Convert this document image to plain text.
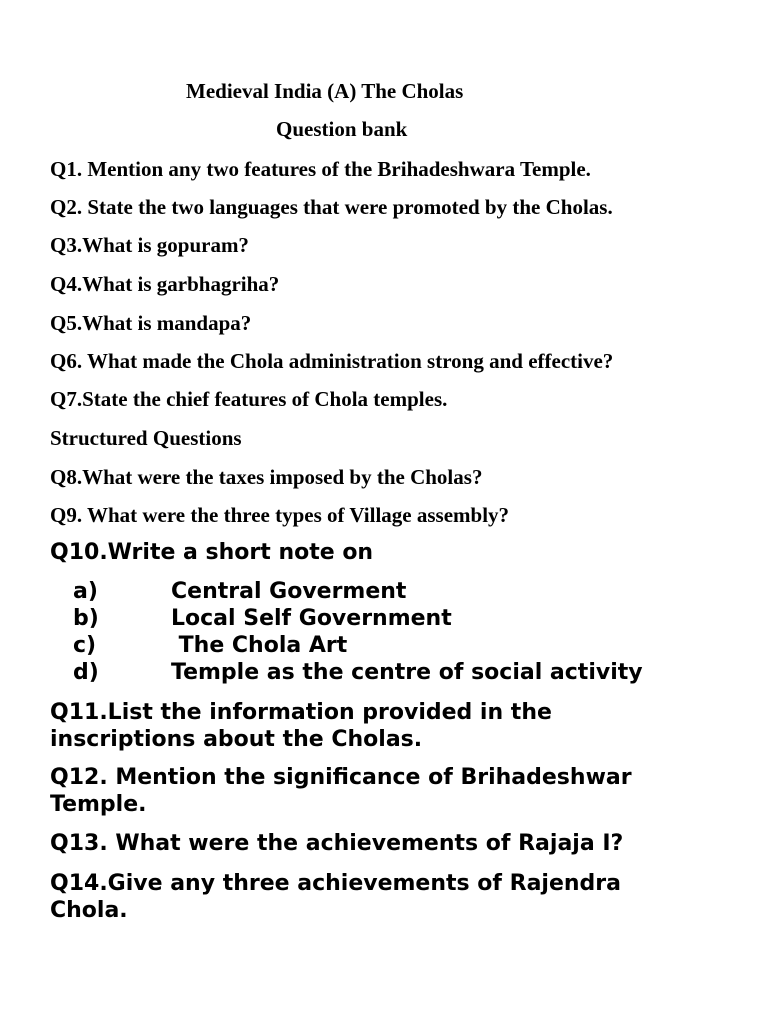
Medieval India (A) The Cholas
Question bank
Q1. Mention any two features of the Brihadeshwara Temple.
Q2. State the two languages that were promoted by the Cholas.
Q3.What is gopuram?
Q4.What is garbhagriha?
Q5.What is mandapa?
Q6. What made the Chola administration strong and effective?
Q7.State the chief features of Chola temples.
Structured Questions
Q8.What were the taxes imposed by the Cholas?
Q9. What were the three types of Village assembly?
Q10.Write a short note on
a)	Central Goverment
b)	Local Self Government
c)	The Chola Art
d)	Temple as the centre of social activity
Q11.List the information provided in the inscriptions about the Cholas.
Q12. Mention the significance of Brihadeshwar Temple.
Q13. What were the achievements of Rajaja I?
Q14.Give any three achievements of Rajendra Chola.
